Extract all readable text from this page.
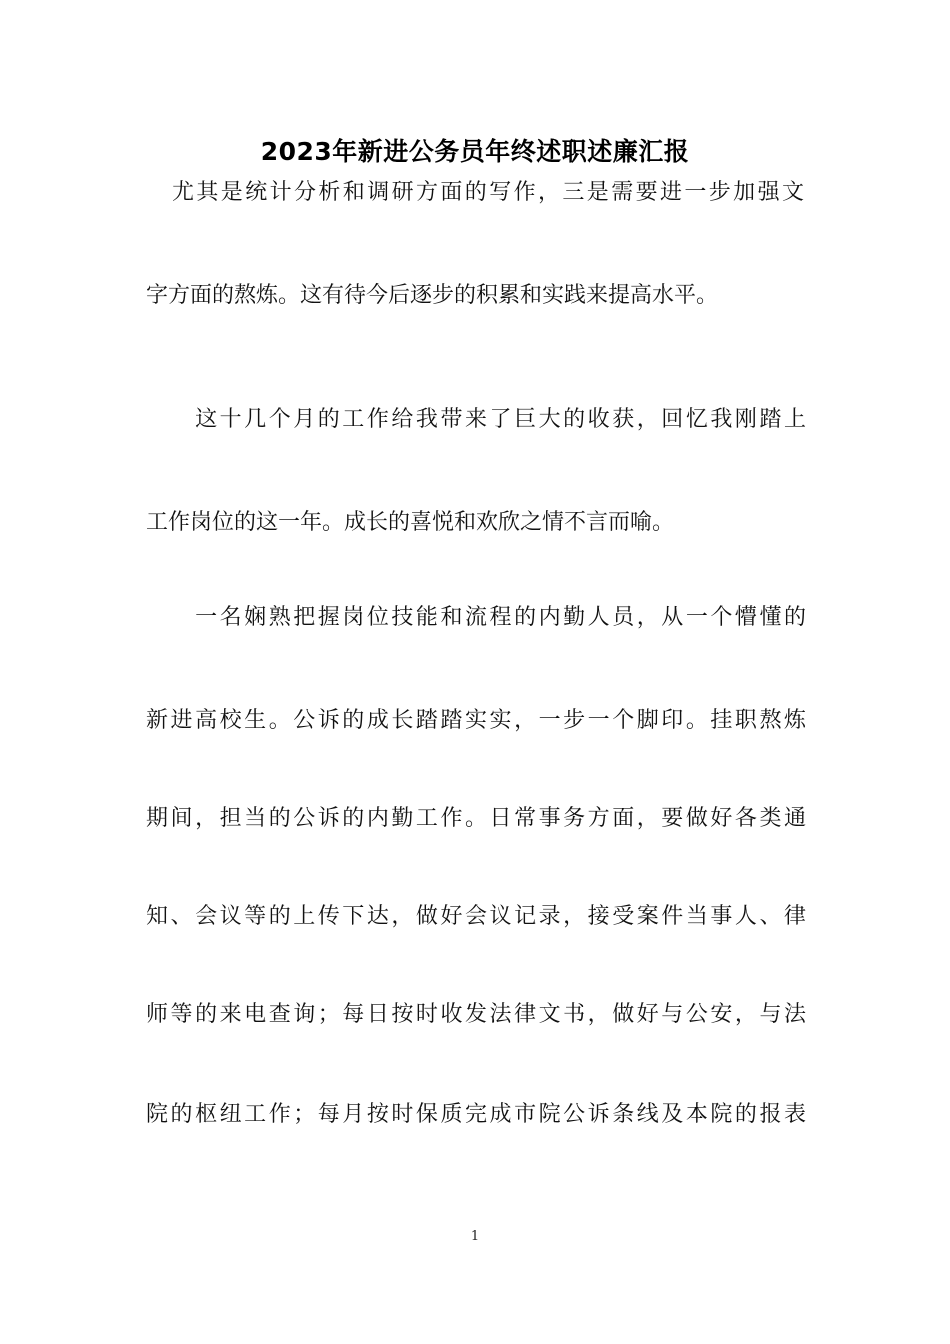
2023年新进公务员年终述职述廉汇报
尤其是统计分析和调研方面的写作，三是需要进一步加强文
字方面的熬炼。这有待今后逐步的积累和实践来提高水平。
　　这十几个月的工作给我带来了巨大的收获，回忆我刚踏上
工作岗位的这一年。成长的喜悦和欢欣之情不言而喻。
　　一名娴熟把握岗位技能和流程的内勤人员，从一个懵懂的
新进高校生。公诉的成长踏踏实实，一步一个脚印。挂职熬炼
期间，担当的公诉的内勤工作。日常事务方面，要做好各类通
知、会议等的上传下达，做好会议记录，接受案件当事人、律
师等的来电查询；每日按时收发法律文书，做好与公安，与法
院的枢纽工作；每月按时保质完成市院公诉条线及本院的报表
1
